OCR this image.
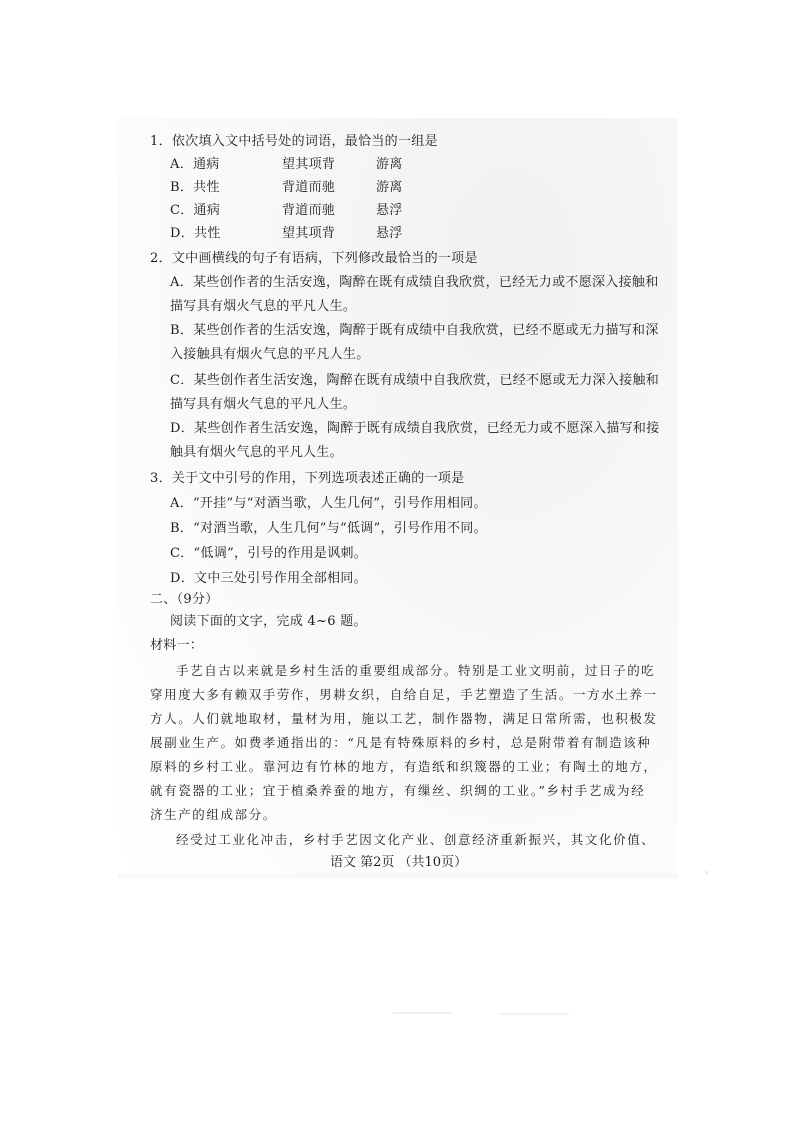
1．依次填入文中括号处的词语，最恰当的一组是
A．通病	望其项背	游离
B．共性	背道而驰	游离
C．通病	背道而驰	悬浮
D．共性	望其项背	悬浮
2．文中画横线的句子有语病，下列修改最恰当的一项是
A．某些创作者的生活安逸，陶醉在既有成绩自我欣赏，已经无力或不愿深入接触和
描写具有烟火气息的平凡人生。
B．某些创作者的生活安逸，陶醉于既有成绩中自我欣赏，已经不愿或无力描写和深
入接触具有烟火气息的平凡人生。
C．某些创作者生活安逸，陶醉在既有成绩中自我欣赏，已经不愿或无力深入接触和
描写具有烟火气息的平凡人生。
D．某些创作者生活安逸，陶醉于既有成绩自我欣赏，已经无力或不愿深入描写和接
触具有烟火气息的平凡人生。
3．关于文中引号的作用，下列选项表述正确的一项是
A．“开挂”与“对酒当歌，人生几何”，引号作用相同。
B．“对酒当歌，人生几何”与“低调”，引号作用不同。
C．“低调”，引号的作用是讽刺。
D．文中三处引号作用全部相同。
二、（9分）
阅读下面的文字，完成 4~6 题。
材料一：
手艺自古以来就是乡村生活的重要组成部分。特别是工业文明前，过日子的吃
穿用度大多有赖双手劳作，男耕女织，自给自足，手艺塑造了生活。一方水土养一
方人。人们就地取材，量材为用，施以工艺，制作器物，满足日常所需，也积极发
展副业生产。如费孝通指出的：“凡是有特殊原料的乡村，总是附带着有制造该种
原料的乡村工业。靠河边有竹林的地方，有造纸和织篾器的工业；有陶土的地方，
就有瓷器的工业；宜于植桑养蚕的地方，有缫丝、织绸的工业。”乡村手艺成为经
济生产的组成部分。
经受过工业化冲击，乡村手艺因文化产业、创意经济重新振兴，其文化价值、
语文 第2页 （共10页）
